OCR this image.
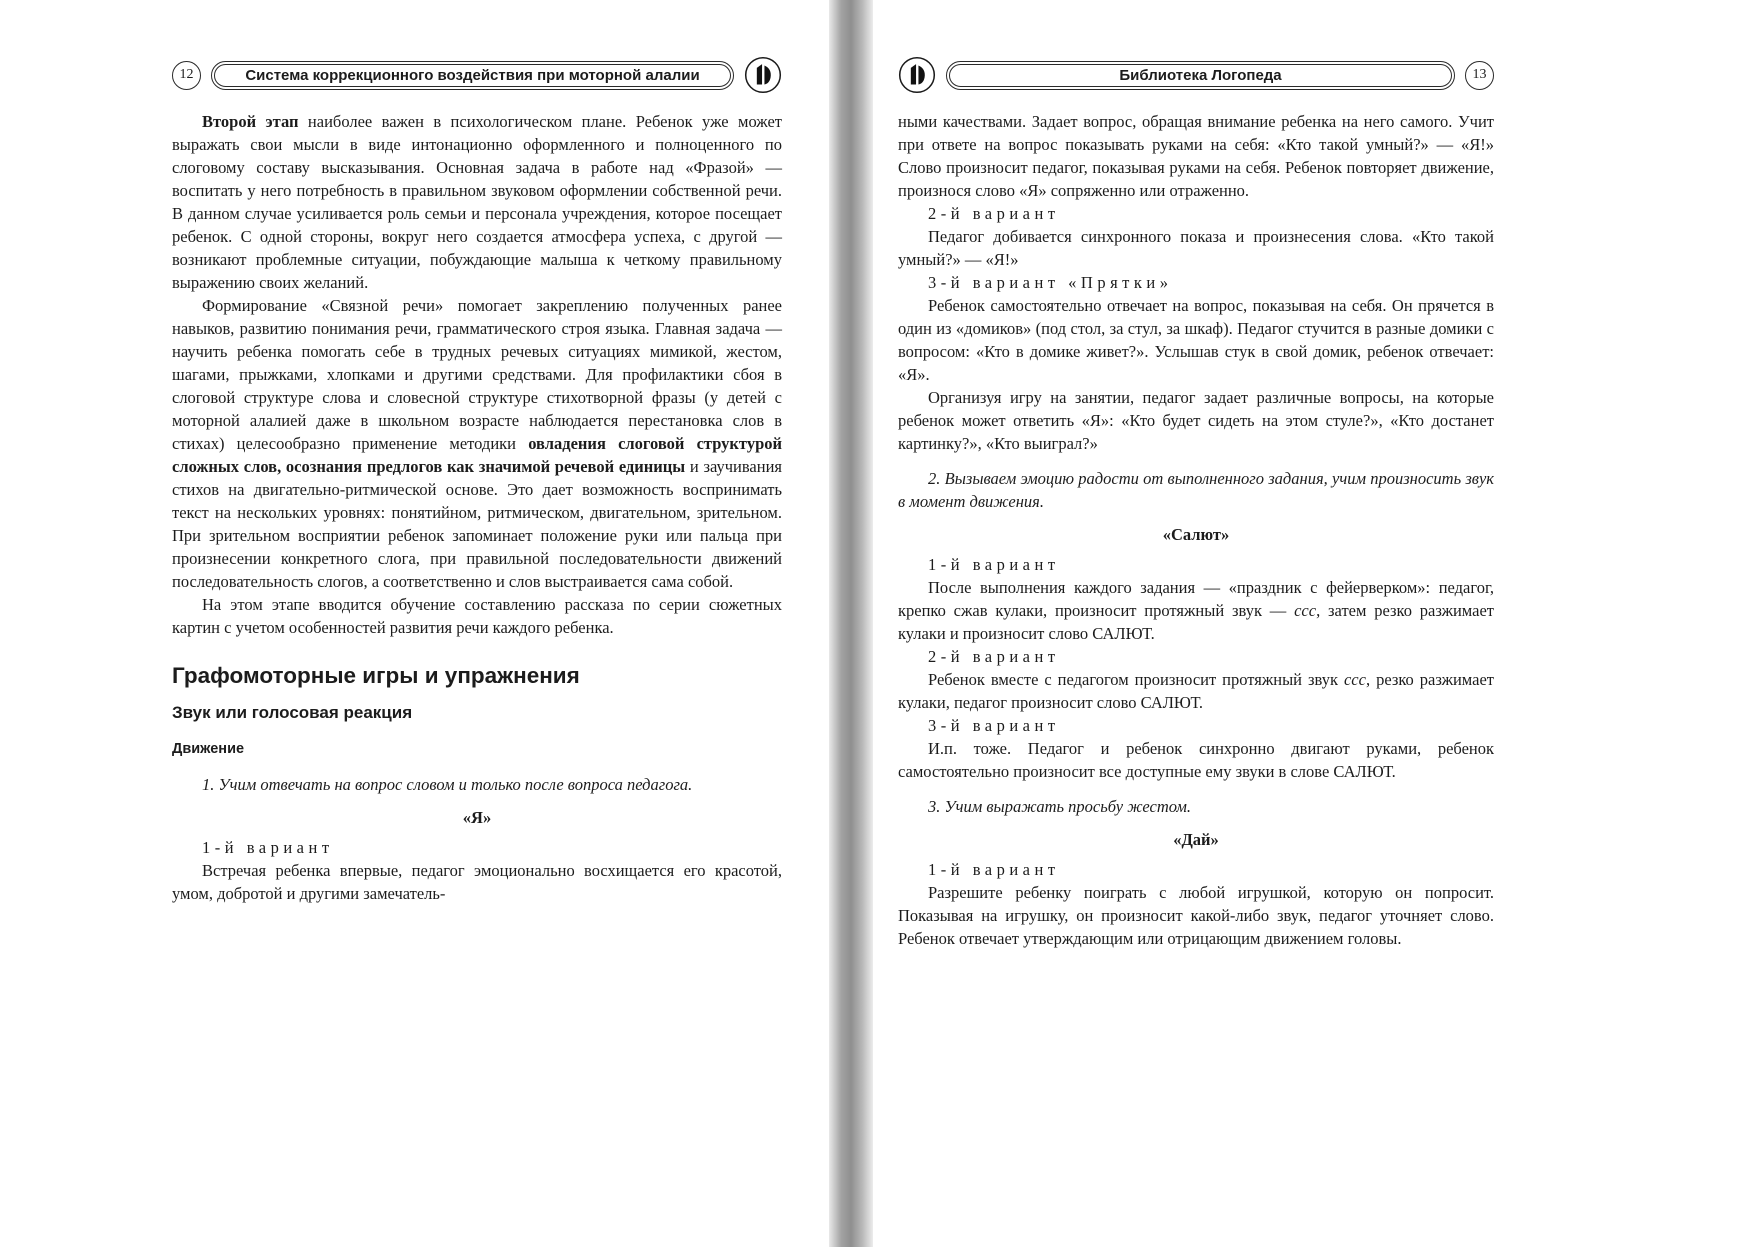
12	Система коррекционного воздействия при моторной алалии
Второй этап наиболее важен в психологическом плане. Ребенок уже может выражать свои мысли в виде интонационно оформленного и полноценного по слоговому составу высказывания. Основная задача в работе над «Фразой» — воспитать у него потребность в правильном звуковом оформлении собственной речи. В данном случае усиливается роль семьи и персонала учреждения, которое посещает ребенок. С одной стороны, вокруг него создается атмосфера успеха, с другой — возникают проблемные ситуации, побуждающие малыша к четкому правильному выражению своих желаний.
Формирование «Связной речи» помогает закреплению полученных ранее навыков, развитию понимания речи, грамматического строя языка. Главная задача — научить ребенка помогать себе в трудных речевых ситуациях мимикой, жестом, шагами, прыжками, хлопками и другими средствами. Для профилактики сбоя в слоговой структуре слова и словесной структуре стихотворной фразы (у детей с моторной алалией даже в школьном возрасте наблюдается перестановка слов в стихах) целесообразно применение методики овладения слоговой структурой сложных слов, осознания предлогов как значимой речевой единицы и заучивания стихов на двигательно-ритмической основе. Это дает возможность воспринимать текст на нескольких уровнях: понятийном, ритмическом, двигательном, зрительном. При зрительном восприятии ребенок запоминает положение руки или пальца при произнесении конкретного слога, при правильной последовательности движений последовательность слогов, а соответственно и слов выстраивается сама собой.
На этом этапе вводится обучение составлению рассказа по серии сюжетных картин с учетом особенностей развития речи каждого ребенка.
Графомоторные игры и упражнения
Звук или голосовая реакция
Движение
1. Учим отвечать на вопрос словом и только после вопроса педагога.
«Я»
1-й вариант
Встречая ребенка впервые, педагог эмоционально восхищается его красотой, умом, добротой и другими замечатель-
Библиотека Логопеда	13
ными качествами. Задает вопрос, обращая внимание ребенка на него самого. Учит при ответе на вопрос показывать руками на себя: «Кто такой умный?» — «Я!» Слово произносит педагог, показывая руками на себя. Ребенок повторяет движение, произнося слово «Я» сопряженно или отраженно.
2-й вариант
Педагог добивается синхронного показа и произнесения слова. «Кто такой умный?» — «Я!»
3-й вариант «Прятки»
Ребенок самостоятельно отвечает на вопрос, показывая на себя. Он прячется в один из «домиков» (под стол, за стул, за шкаф). Педагог стучится в разные домики с вопросом: «Кто в домике живет?». Услышав стук в свой домик, ребенок отвечает: «Я».
Организуя игру на занятии, педагог задает различные вопросы, на которые ребенок может ответить «Я»: «Кто будет сидеть на этом стуле?», «Кто достанет картинку?», «Кто выиграл?»
2. Вызываем эмоцию радости от выполненного задания, учим произносить звук в момент движения.
«Салют»
1-й вариант
После выполнения каждого задания — «праздник с фейерверком»: педагог, крепко сжав кулаки, произносит протяжный звук — ссс, затем резко разжимает кулаки и произносит слово САЛЮТ.
2-й вариант
Ребенок вместе с педагогом произносит протяжный звук ссс, резко разжимает кулаки, педагог произносит слово САЛЮТ.
3-й вариант
И.п. тоже. Педагог и ребенок синхронно двигают руками, ребенок самостоятельно произносит все доступные ему звуки в слове САЛЮТ.
3. Учим выражать просьбу жестом.
«Дай»
1-й вариант
Разрешите ребенку поиграть с любой игрушкой, которую он попросит. Показывая на игрушку, он произносит какой-либо звук, педагог уточняет слово. Ребенок отвечает утверждающим или отрицающим движением головы.
